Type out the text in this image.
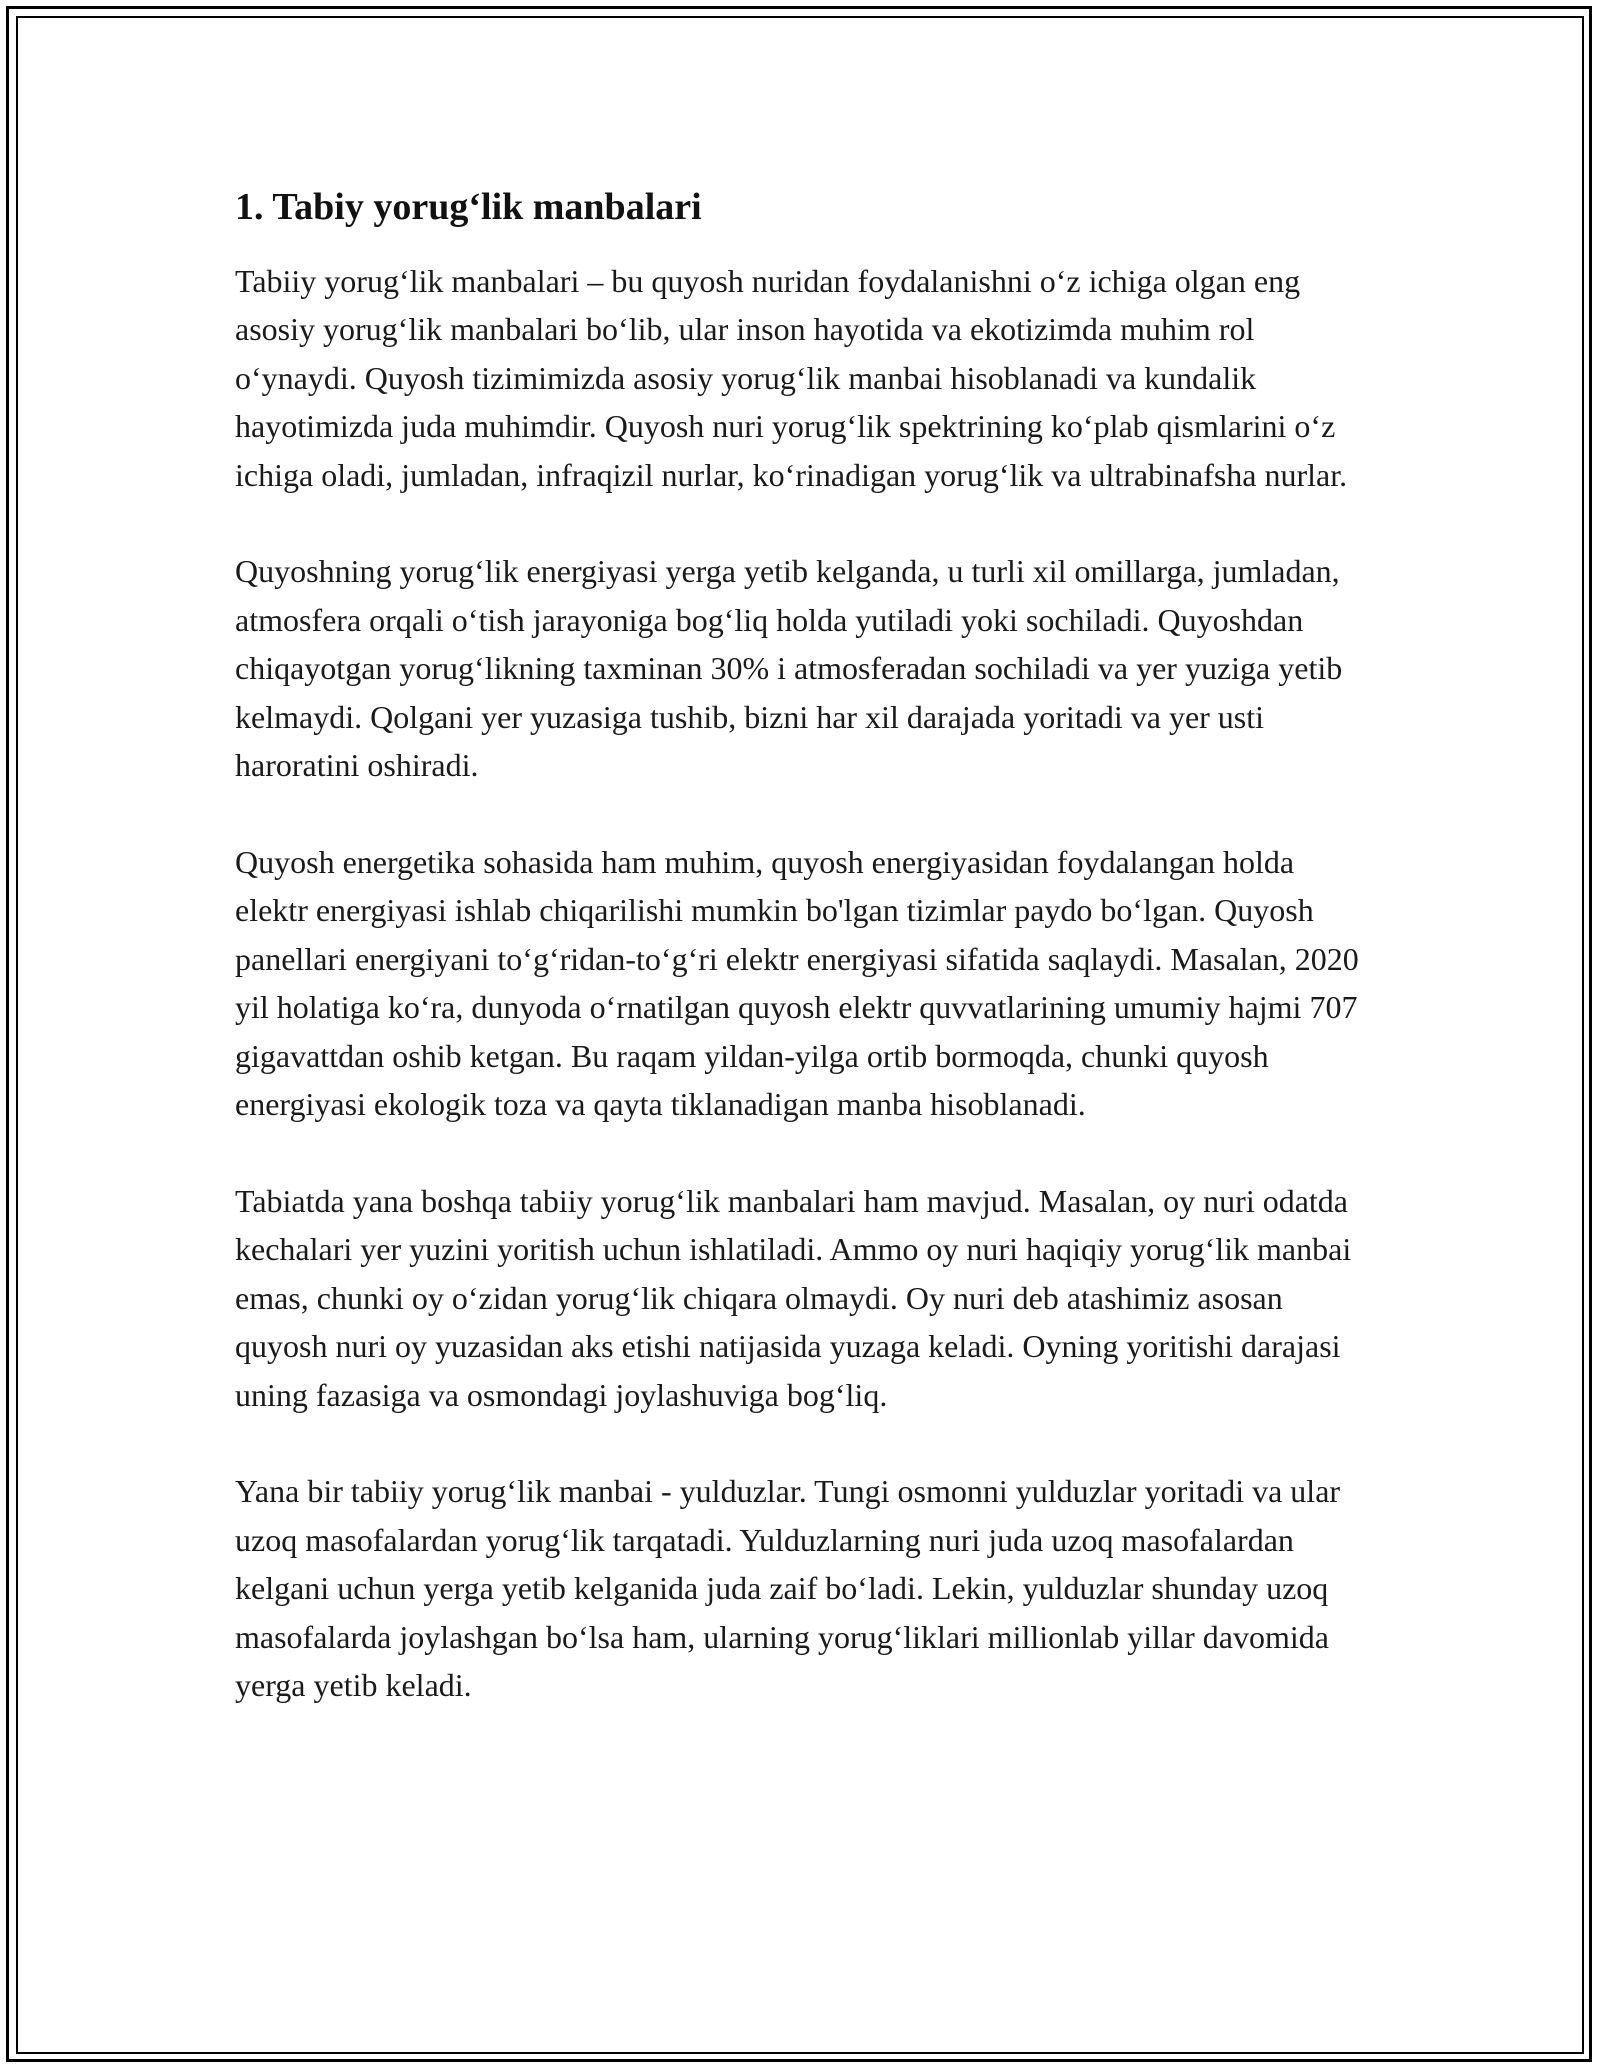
1. Tabiy yorug‘lik manbalari

Tabiiy yorug‘lik manbalari – bu quyosh nuridan foydalanishni o‘z ichiga olgan eng asosiy yorug‘lik manbalari bo‘lib, ular inson hayotida va ekotizimda muhim rol o‘ynaydi. Quyosh tizimimizda asosiy yorug‘lik manbai hisoblanadi va kundalik hayotimizda juda muhimdir. Quyosh nuri yorug‘lik spektrining ko‘plab qismlarini o‘z ichiga oladi, jumladan, infraqizil nurlar, ko‘rinadigan yorug‘lik va ultrabinafsha nurlar.

Quyoshning yorug‘lik energiyasi yerga yetib kelganda, u turli xil omillarga, jumladan, atmosfera orqali o‘tish jarayoniga bog‘liq holda yutiladi yoki sochiladi. Quyoshdan chiqayotgan yorug‘likning taxminan 30% i atmosferadan sochiladi va yer yuziga yetib kelmaydi. Qolgani yer yuzasiga tushib, bizni har xil darajada yoritadi va yer usti haroratini oshiradi.

Quyosh energetika sohasida ham muhim, quyosh energiyasidan foydalangan holda elektr energiyasi ishlab chiqarilishi mumkin bo'lgan tizimlar paydo bo‘lgan. Quyosh panellari energiyani to‘g‘ridan-to‘g‘ri elektr energiyasi sifatida saqlaydi. Masalan, 2020 yil holatiga ko‘ra, dunyoda o‘rnatilgan quyosh elektr quvvatlarining umumiy hajmi 707 gigavattdan oshib ketgan. Bu raqam yildan-yilga ortib bormoqda, chunki quyosh energiyasi ekologik toza va qayta tiklanadigan manba hisoblanadi.

Tabiatda yana boshqa tabiiy yorug‘lik manbalari ham mavjud. Masalan, oy nuri odatda kechalari yer yuzini yoritish uchun ishlatiladi. Ammo oy nuri haqiqiy yorug‘lik manbai emas, chunki oy o‘zidan yorug‘lik chiqara olmaydi. Oy nuri deb atashimiz asosan quyosh nuri oy yuzasidan aks etishi natijasida yuzaga keladi. Oyning yoritishi darajasi uning fazasiga va osmondagi joylashuviga bog‘liq.

Yana bir tabiiy yorug‘lik manbai - yulduzlar. Tungi osmonni yulduzlar yoritadi va ular uzoq masofalardan yorug‘lik tarqatadi. Yulduzlarning nuri juda uzoq masofalardan kelgani uchun yerga yetib kelganida juda zaif bo‘ladi. Lekin, yulduzlar shunday uzoq masofalarda joylashgan bo‘lsa ham, ularning yorug‘liklari millionlab yillar davomida yerga yetib keladi.
